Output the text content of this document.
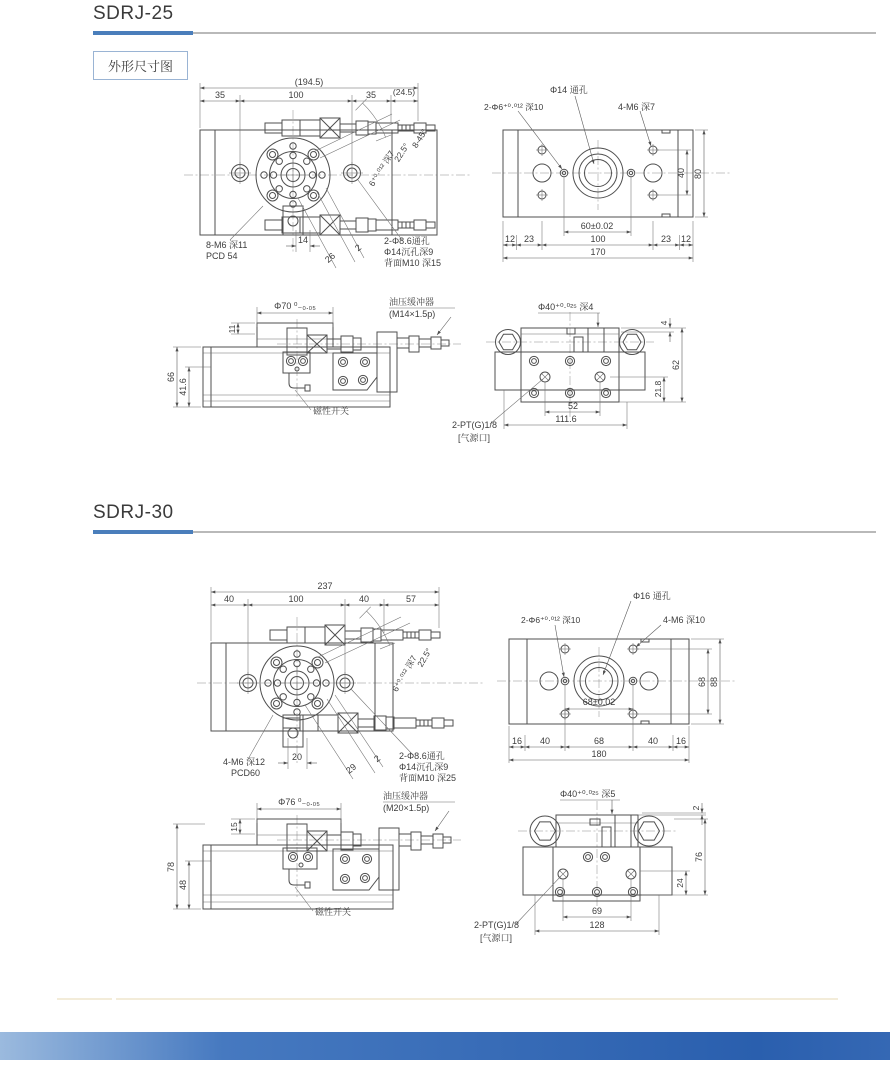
SDRJ-25
外形尺寸图
(194.5)
35	100	35 (24.5)
8-45°
22.5°
6⁺⁰·⁰¹² 深7
8-M6 深11
PCD 54
14
26
2
2-Φ8.6通孔
Φ14沉孔深9
背面M10 深15
Φ14 通孔
2-Φ6⁺⁰·⁰¹² 深10	4-M6 深7
40 80
60±0.02
12 23	100	23 12
170
Φ70 ⁰₋₀.₀₅	油压缓冲器
(M14×1.5p)
11
66
41.6
磁性开关
Φ40⁺⁰·⁰²⁵ 深4
4
62
21.8
52
111.6
2-PT(G)1/8
[气源口]
SDRJ-30
237
40	100	40	57
22.5°
6⁺⁰·⁰¹² 深7
4-M6 深12
PCD60
20
29
2 2-Φ8.6通孔
Φ14沉孔深9
背面M10 深25
Φ16 通孔
2-Φ6⁺⁰·⁰¹² 深10	4-M6 深10
68 88
68±0.02
16 40	68	40 16
180
Φ76 ⁰₋₀.₀₅
油压缓冲器
(M20×1.5p)
15
78
48
磁性开关
Φ40⁺⁰·⁰²⁵ 深5
2
76
24
69
128
2-PT(G)1/8
[气源口]
